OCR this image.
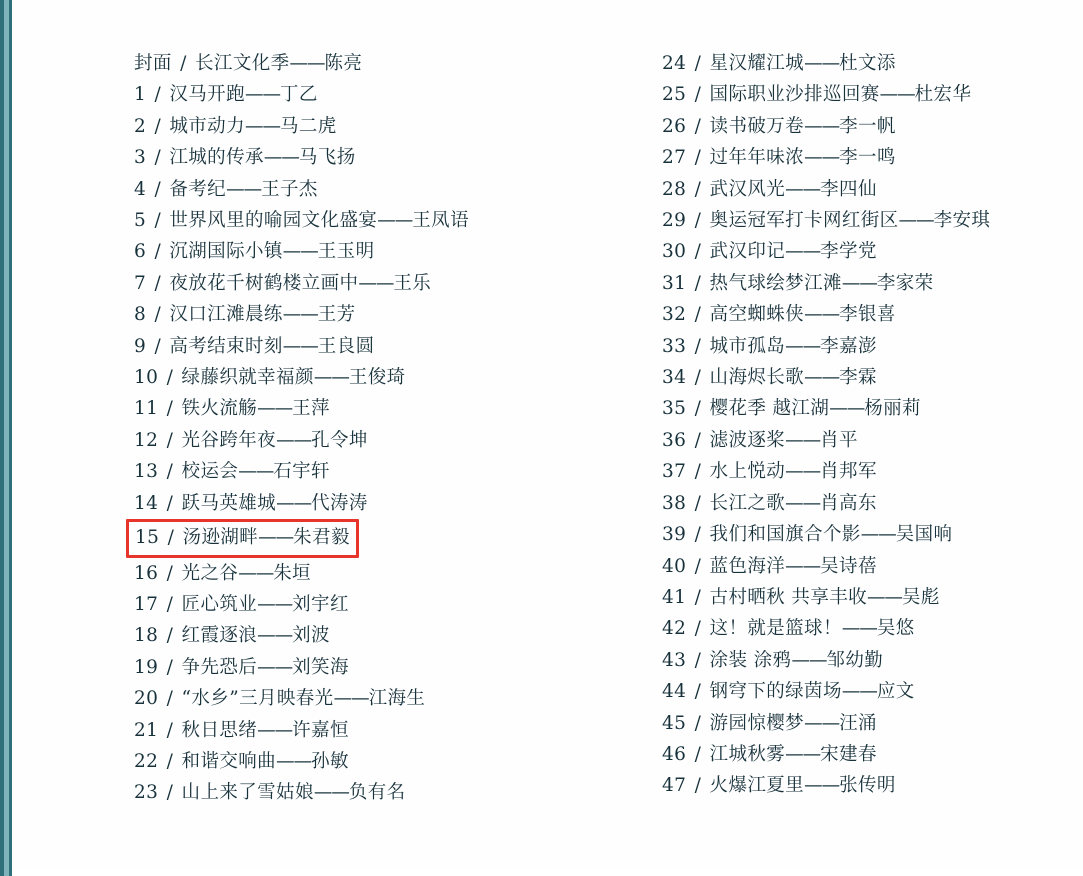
封面 / 长江文化季——陈亮
1 / 汉马开跑——丁乙
2 / 城市动力——马二虎
3 / 江城的传承——马飞扬
4 / 备考纪——王子杰
5 / 世界风里的喻园文化盛宴——王凤语
6 / 沉湖国际小镇——王玉明
7 / 夜放花千树鹤楼立画中——王乐
8 / 汉口江滩晨练——王芳
9 / 高考结束时刻——王良圆
10 / 绿藤织就幸福颜——王俊琦
11 / 铁火流觞——王萍
12 / 光谷跨年夜——孔令坤
13 / 校运会——石宇轩
14 / 跃马英雄城——代涛涛
15 / 汤逊湖畔——朱君毅
16 / 光之谷——朱垣
17 / 匠心筑业——刘宇红
18 / 红霞逐浪——刘波
19 / 争先恐后——刘笑海
20 / “水乡”三月映春光——江海生
21 / 秋日思绪——许嘉恒
22 / 和谐交响曲——孙敏
23 / 山上来了雪姑娘——负有名
24 / 星汉耀江城——杜文添
25 / 国际职业沙排巡回赛——杜宏华
26 / 读书破万卷——李一帆
27 / 过年年味浓——李一鸣
28 / 武汉风光——李四仙
29 / 奥运冠军打卡网红街区——李安琪
30 / 武汉印记——李学党
31 / 热气球绘梦江滩——李家荣
32 / 高空蜘蛛侠——李银喜
33 / 城市孤岛——李嘉澎
34 / 山海烬长歌——李霖
35 / 樱花季 越江湖——杨丽莉
36 / 滤波逐桨——肖平
37 / 水上悦动——肖邦军
38 / 长江之歌——肖高东
39 / 我们和国旗合个影——吴国响
40 / 蓝色海洋——吴诗蓓
41 / 古村晒秋 共享丰收——吴彪
42 / 这！就是篮球！——吴悠
43 / 涂装 涂鸦——邹幼勤
44 / 钢穹下的绿茵场——应文
45 / 游园惊樱梦——汪涌
46 / 江城秋雾——宋建春
47 / 火爆江夏里——张传明
